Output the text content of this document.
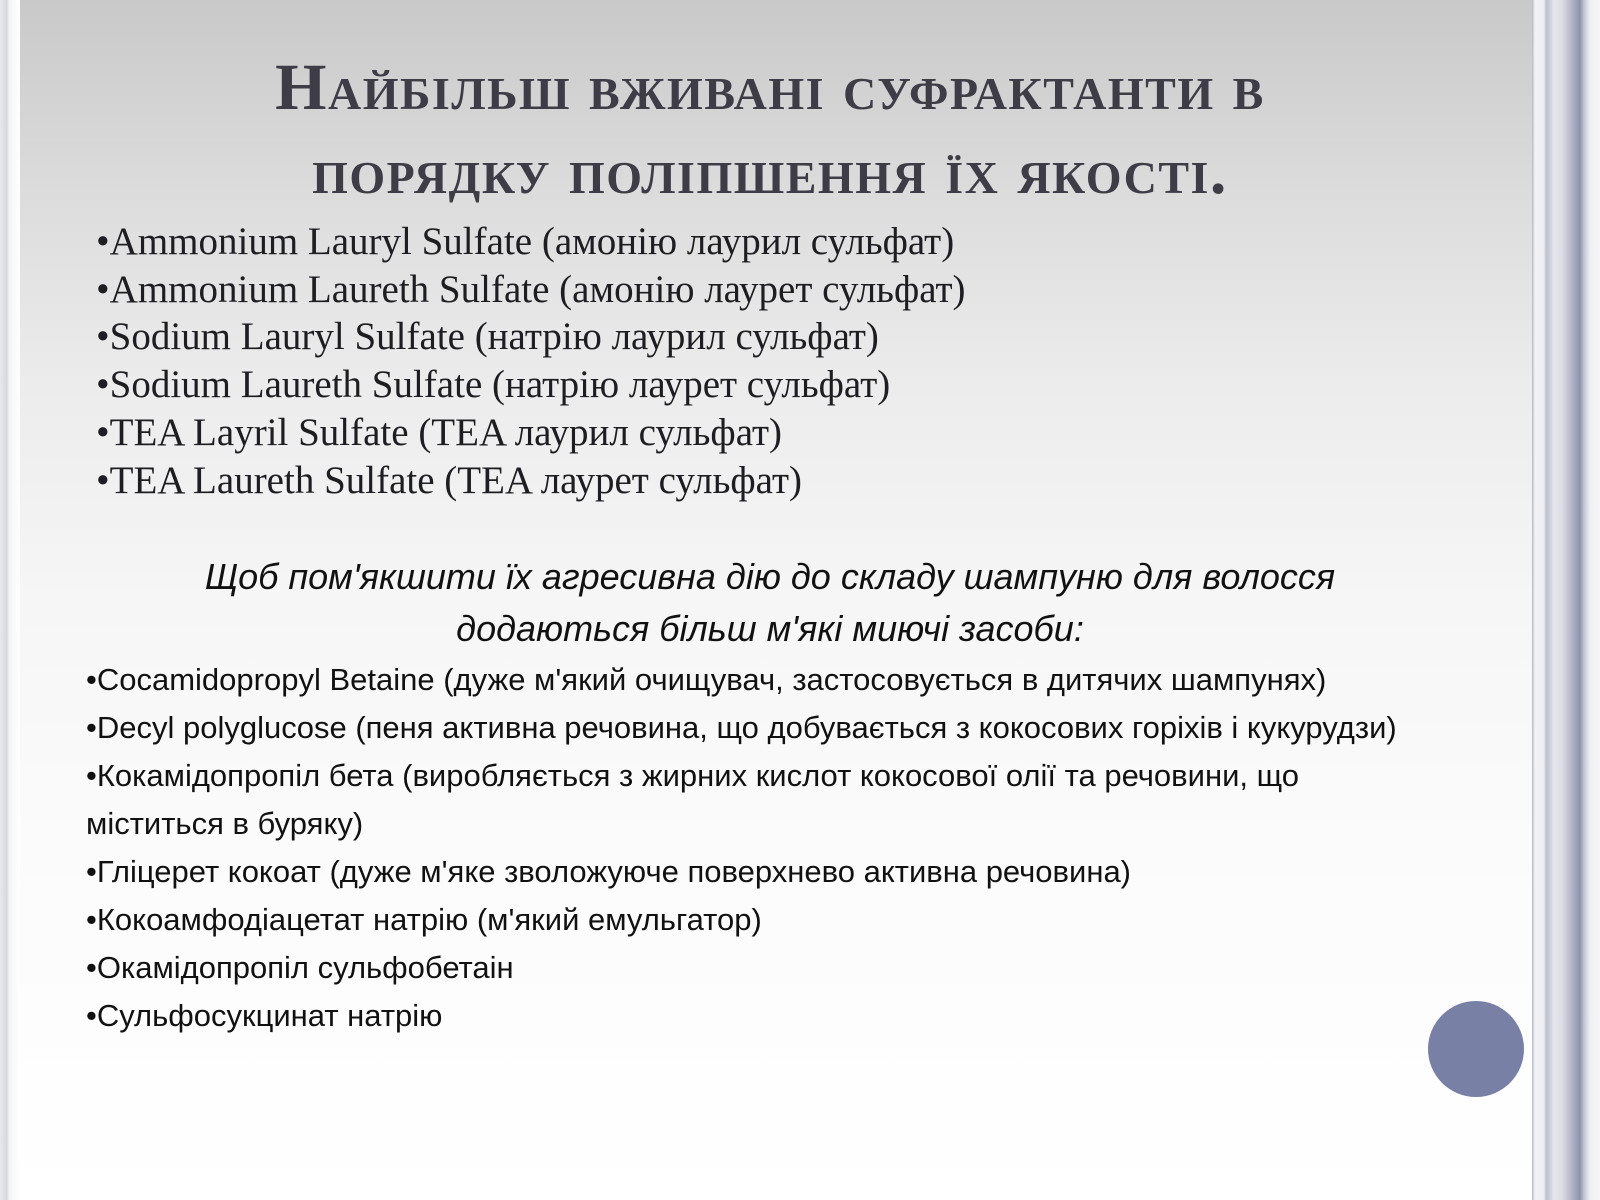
Найбільш вживані суфрактанти в
порядку поліпшення їх якості.
•Ammonium Lauryl Sulfate (амонію лаурил сульфат)
•Ammonium Laureth Sulfate (амонію лаурет сульфат)
•Sodium Lauryl Sulfate (натрію лаурил сульфат)
•Sodium Laureth Sulfate (натрію лаурет сульфат)
•TEA Layril Sulfate (TEA лаурил сульфат)
•TEA Laureth Sulfate (TEA лаурет сульфат)

Щоб пом'якшити їх агресивна дію до складу шампуню для волосся
додаються більш м'які миючі засоби:

•Cocamidopropyl Betaine (дуже м'який очищувач, застосовується в дитячих шампунях)
•Decyl polyglucose (пеня активна речовина, що добувається з кокосових горіхів і кукурудзи)
•Кокамідопропіл бета (виробляється з жирних кислот кокосової олії та речовини, що міститься в буряку)
•Гліцерет кокоат (дуже м'яке зволожуюче поверхнево активна речовина)
•Кокоамфодіацетат натрію (м'який емульгатор)
•Окамідопропіл сульфобетаін
•Сульфосукцинат натрію
